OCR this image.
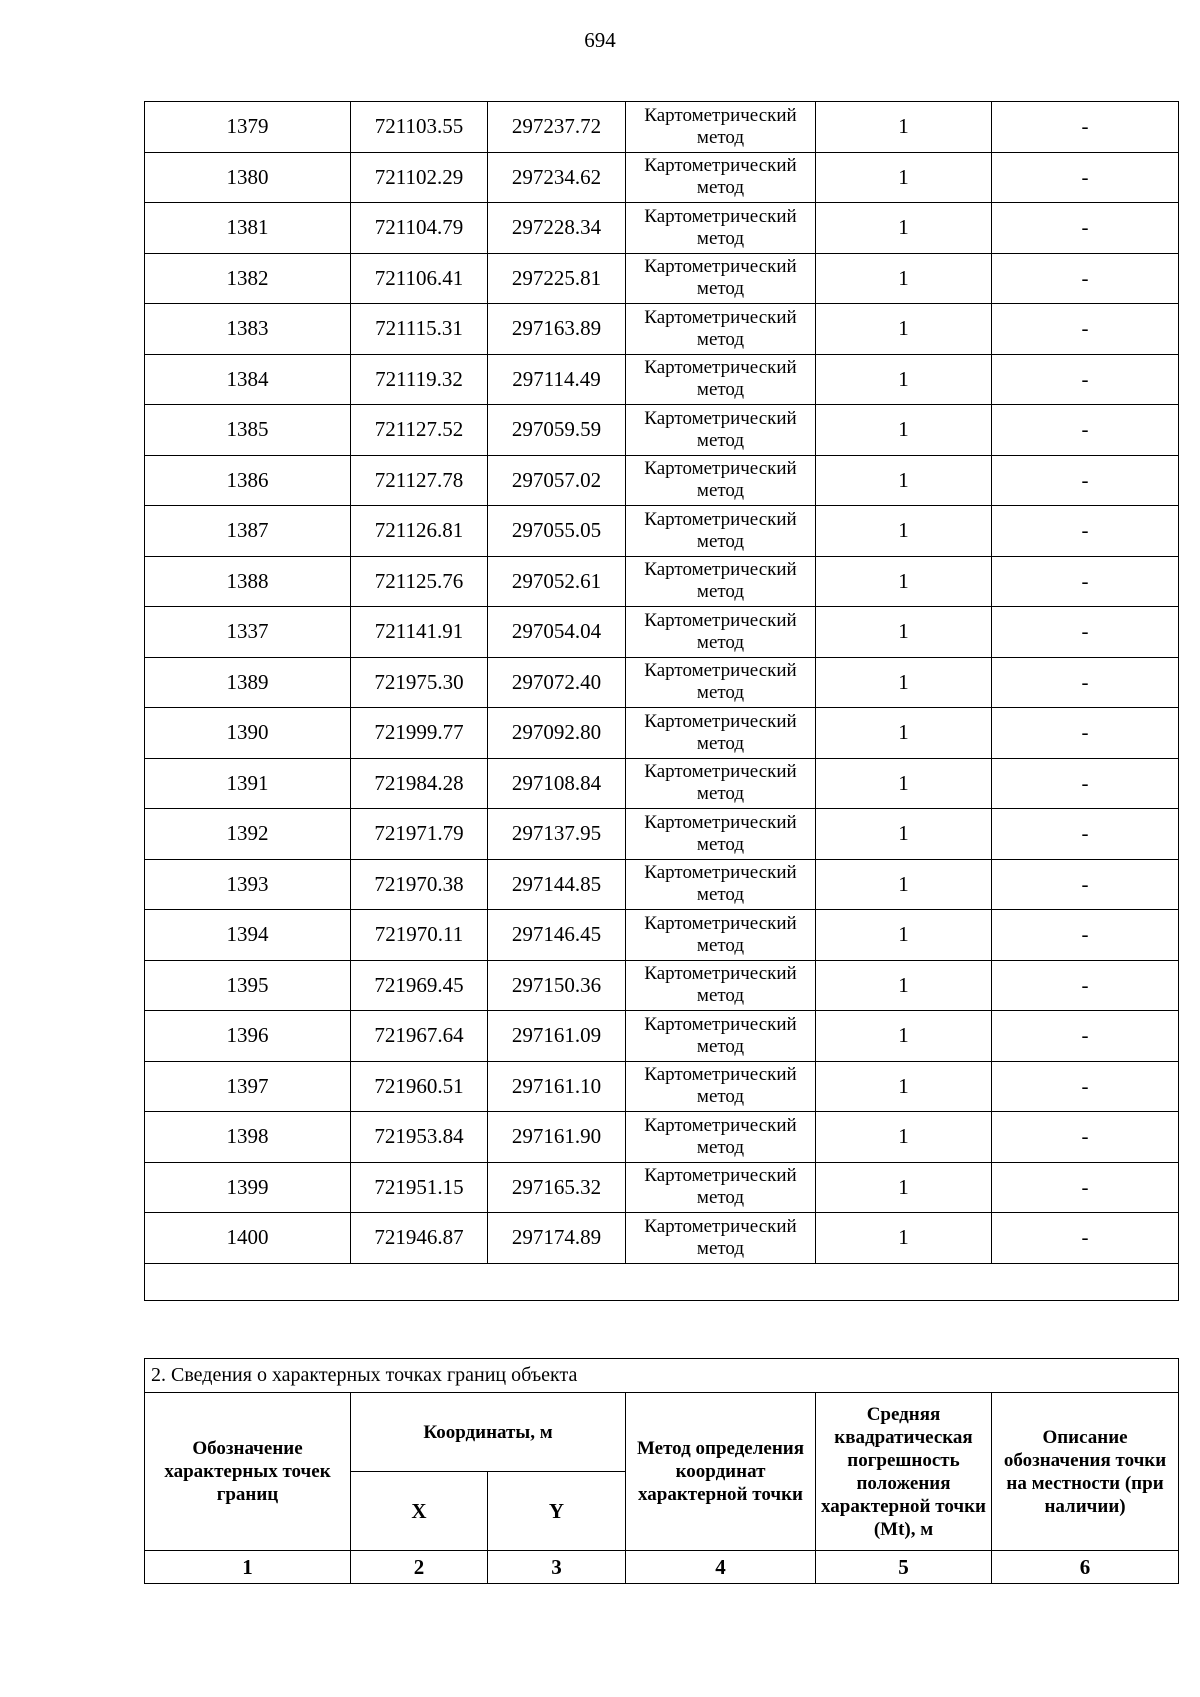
694
1379	721103.55	297237.72	Картометрический метод	1	-
1380	721102.29	297234.62	Картометрический метод	1	-
1381	721104.79	297228.34	Картометрический метод	1	-
1382	721106.41	297225.81	Картометрический метод	1	-
1383	721115.31	297163.89	Картометрический метод	1	-
1384	721119.32	297114.49	Картометрический метод	1	-
1385	721127.52	297059.59	Картометрический метод	1	-
1386	721127.78	297057.02	Картометрический метод	1	-
1387	721126.81	297055.05	Картометрический метод	1	-
1388	721125.76	297052.61	Картометрический метод	1	-
1337	721141.91	297054.04	Картометрический метод	1	-
1389	721975.30	297072.40	Картометрический метод	1	-
1390	721999.77	297092.80	Картометрический метод	1	-
1391	721984.28	297108.84	Картометрический метод	1	-
1392	721971.79	297137.95	Картометрический метод	1	-
1393	721970.38	297144.85	Картометрический метод	1	-
1394	721970.11	297146.45	Картометрический метод	1	-
1395	721969.45	297150.36	Картометрический метод	1	-
1396	721967.64	297161.09	Картометрический метод	1	-
1397	721960.51	297161.10	Картометрический метод	1	-
1398	721953.84	297161.90	Картометрический метод	1	-
1399	721951.15	297165.32	Картометрический метод	1	-
1400	721946.87	297174.89	Картометрический метод	1	-

2. Сведения о характерных точках границ объекта					
Обозначение характерных точек границ	Координаты, м		Метод определения координат характерной точки	Средняя квадратическая погрешность положения характерной точки (Mt), м	Описание обозначения точки на местности (при наличии)
	X	Y			
1	2	3	4	5	6
